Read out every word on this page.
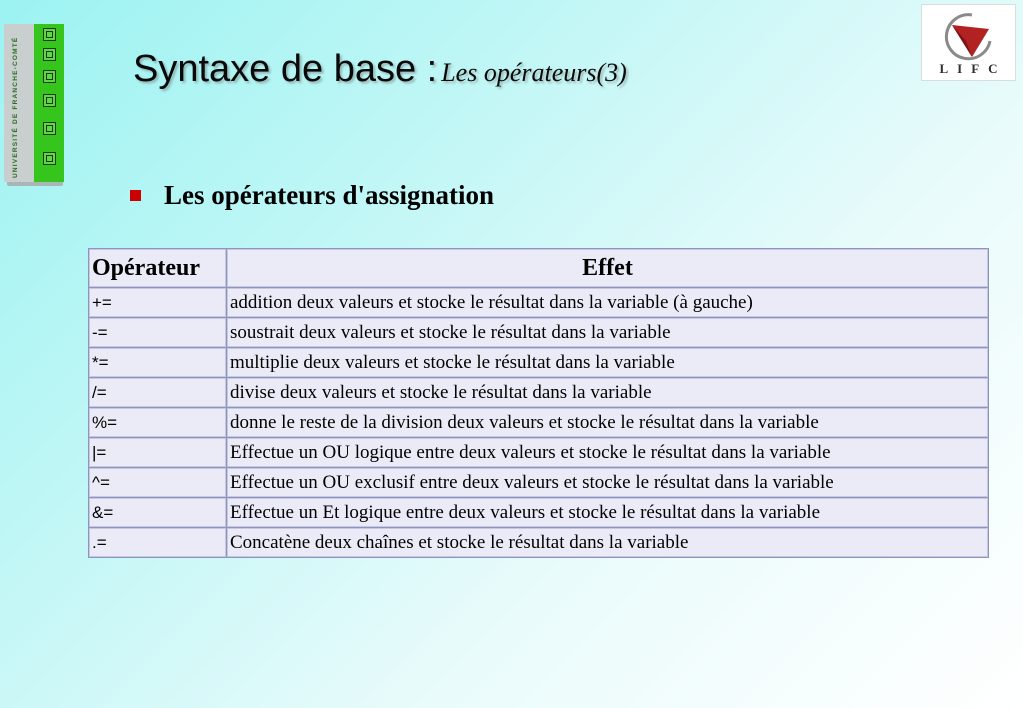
UNIVERSITÉ DE FRANCHE-COMTÉ	LIFC
Syntaxe de base : Les opérateurs(3)
Les opérateurs d'assignation
Opérateur	Effet
+=	addition deux valeurs et stocke le résultat dans la variable (à gauche)
-=	soustrait deux valeurs et stocke le résultat dans la variable
*=	multiplie deux valeurs et stocke le résultat dans la variable
/=	divise deux valeurs et stocke le résultat dans la variable
%=	donne le reste de la division deux valeurs et stocke le résultat dans la variable
|=	Effectue un OU logique entre deux valeurs et stocke le résultat dans la variable
^=	Effectue un OU exclusif entre deux valeurs et stocke le résultat dans la variable
&=	Effectue un Et logique entre deux valeurs et stocke le résultat dans la variable
.=	Concatène deux chaînes et stocke le résultat dans la variable
